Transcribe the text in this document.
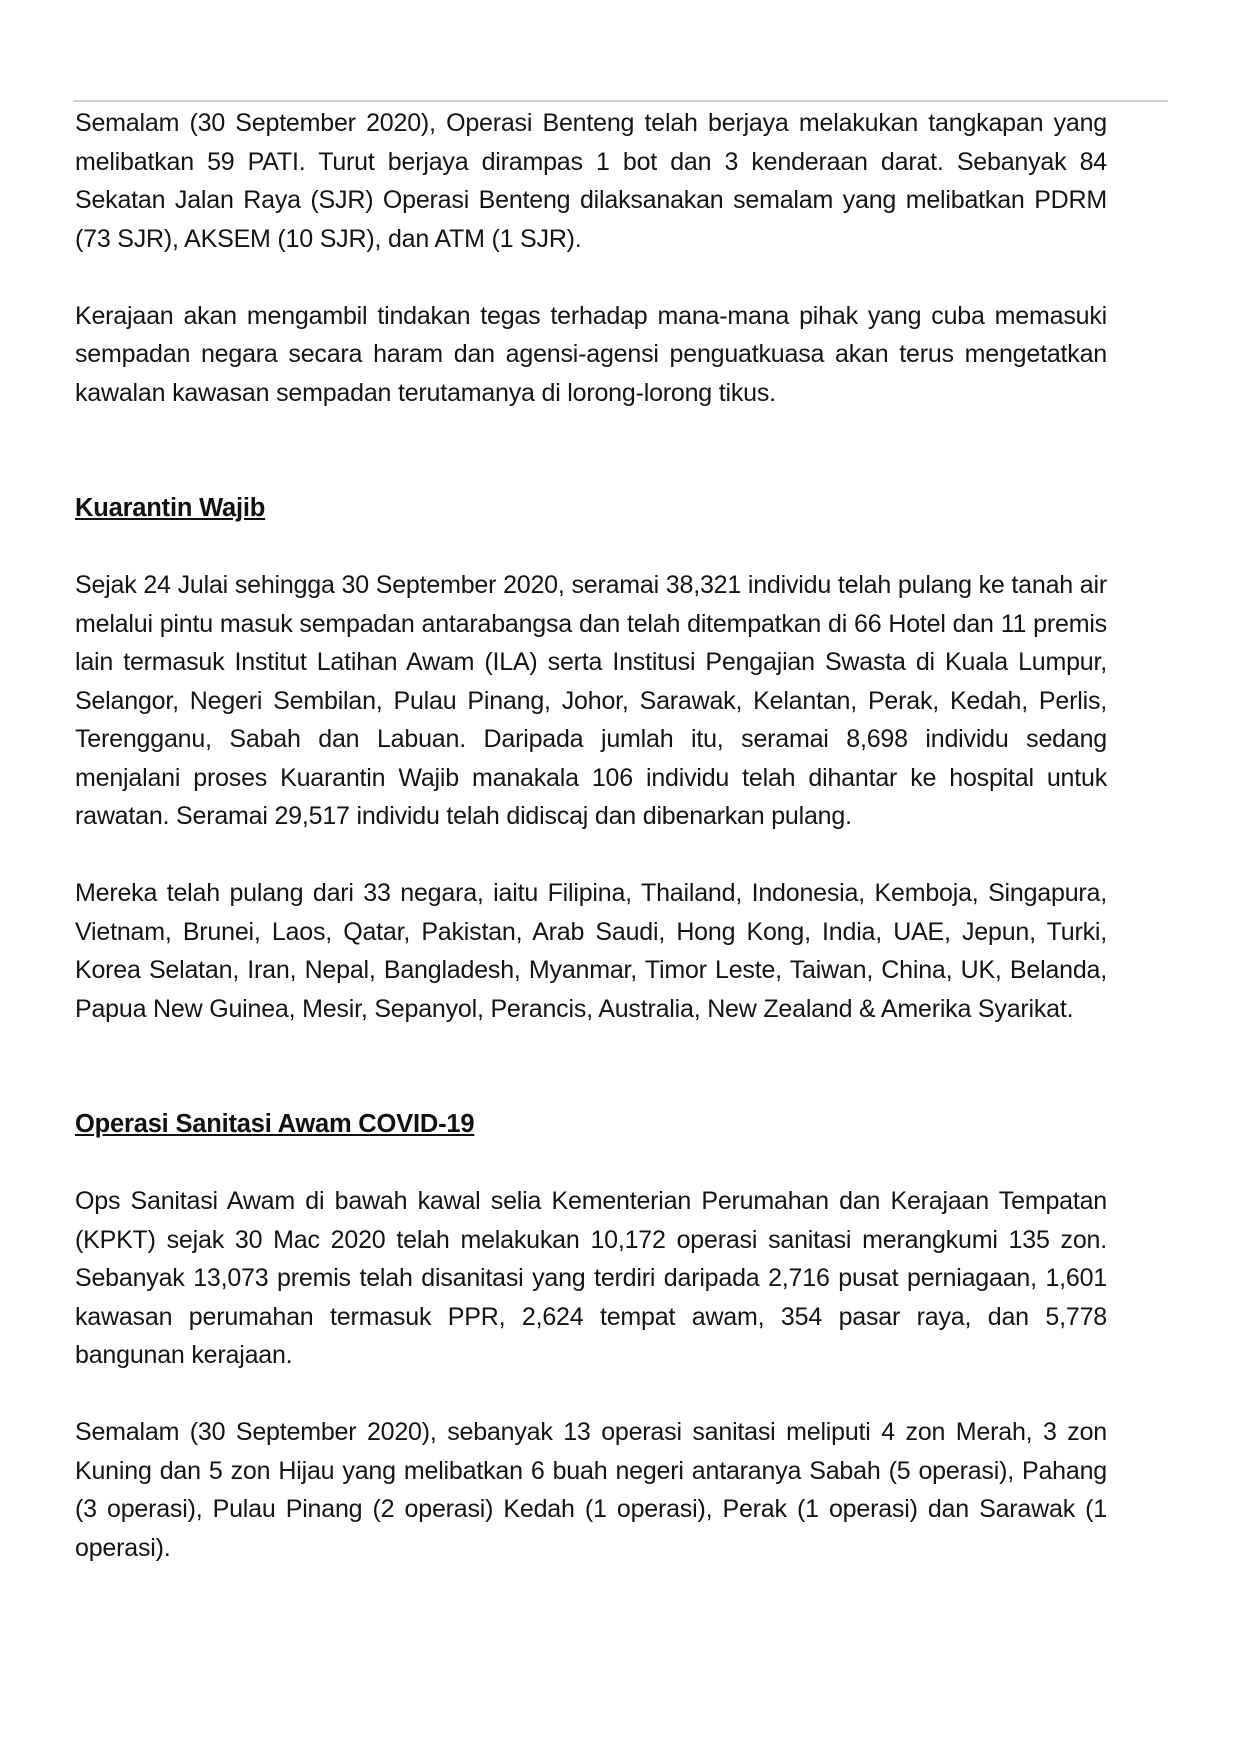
Semalam (30 September 2020), Operasi Benteng telah berjaya melakukan tangkapan yang melibatkan 59 PATI. Turut berjaya dirampas 1 bot dan 3 kenderaan darat. Sebanyak 84 Sekatan Jalan Raya (SJR) Operasi Benteng dilaksanakan semalam yang melibatkan PDRM (73 SJR), AKSEM (10 SJR), dan ATM (1 SJR).

Kerajaan akan mengambil tindakan tegas terhadap mana-mana pihak yang cuba memasuki sempadan negara secara haram dan agensi-agensi penguatkuasa akan terus mengetatkan kawalan kawasan sempadan terutamanya di lorong-lorong tikus.

Kuarantin Wajib

Sejak 24 Julai sehingga 30 September 2020, seramai 38,321 individu telah pulang ke tanah air melalui pintu masuk sempadan antarabangsa dan telah ditempatkan di 66 Hotel dan 11 premis lain termasuk Institut Latihan Awam (ILA) serta Institusi Pengajian Swasta di Kuala Lumpur, Selangor, Negeri Sembilan, Pulau Pinang, Johor, Sarawak, Kelantan, Perak, Kedah, Perlis, Terengganu, Sabah dan Labuan. Daripada jumlah itu, seramai 8,698 individu sedang menjalani proses Kuarantin Wajib manakala 106 individu telah dihantar ke hospital untuk rawatan. Seramai 29,517 individu telah didiscaj dan dibenarkan pulang.

Mereka telah pulang dari 33 negara, iaitu Filipina, Thailand, Indonesia, Kemboja, Singapura, Vietnam, Brunei, Laos, Qatar, Pakistan, Arab Saudi, Hong Kong, India, UAE, Jepun, Turki, Korea Selatan, Iran, Nepal, Bangladesh, Myanmar, Timor Leste, Taiwan, China, UK, Belanda, Papua New Guinea, Mesir, Sepanyol, Perancis, Australia, New Zealand & Amerika Syarikat.

Operasi Sanitasi Awam COVID-19

Ops Sanitasi Awam di bawah kawal selia Kementerian Perumahan dan Kerajaan Tempatan (KPKT) sejak 30 Mac 2020 telah melakukan 10,172 operasi sanitasi merangkumi 135 zon. Sebanyak 13,073 premis telah disanitasi yang terdiri daripada 2,716 pusat perniagaan, 1,601 kawasan perumahan termasuk PPR, 2,624 tempat awam, 354 pasar raya, dan 5,778 bangunan kerajaan.

Semalam (30 September 2020), sebanyak 13 operasi sanitasi meliputi 4 zon Merah, 3 zon Kuning dan 5 zon Hijau yang melibatkan 6 buah negeri antaranya Sabah (5 operasi), Pahang (3 operasi), Pulau Pinang (2 operasi) Kedah (1 operasi), Perak (1 operasi) dan Sarawak (1 operasi).
